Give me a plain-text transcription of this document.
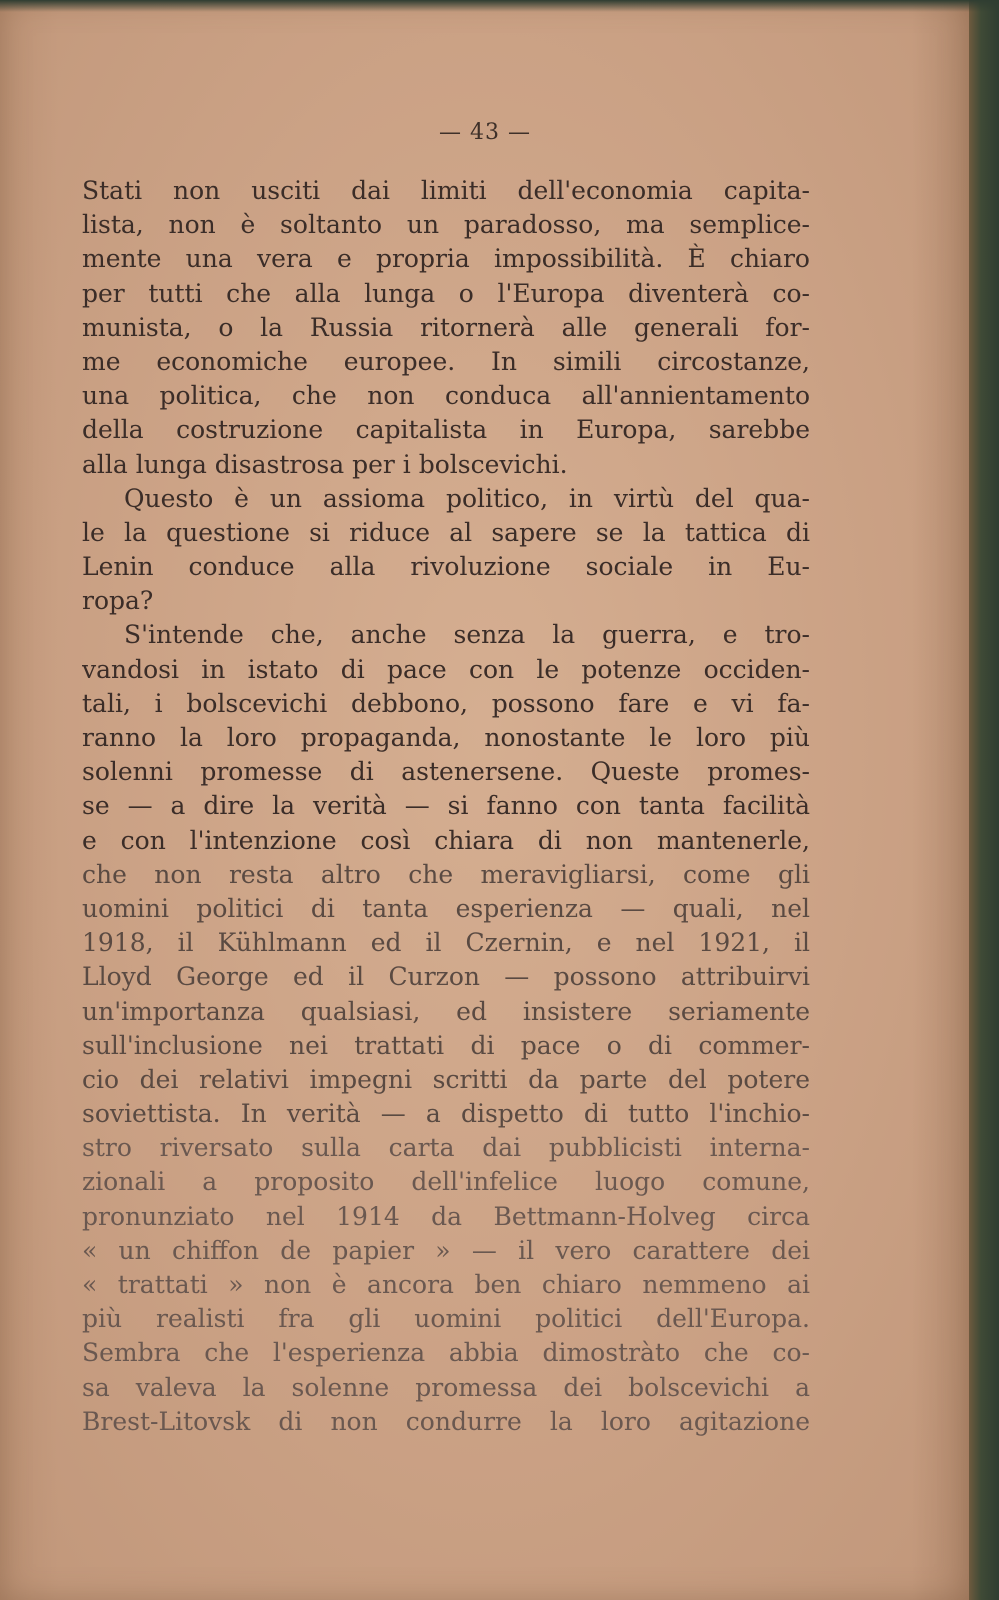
— 43 —
Stati non usciti dai limiti dell'economia capita-
lista, non è soltanto un paradosso, ma semplice-
mente una vera e propria impossibilità. È chiaro
per tutti che alla lunga o l'Europa diventerà co-
munista, o la Russia ritornerà alle generali for-
me economiche europee. In simili circostanze,
una politica, che non conduca all'annientamento
della costruzione capitalista in Europa, sarebbe
alla lunga disastrosa per i bolscevichi.
Questo è un assioma politico, in virtù del qua-
le la questione si riduce al sapere se la tattica di
Lenin conduce alla rivoluzione sociale in Eu-
ropa?
S'intende che, anche senza la guerra, e tro-
vandosi in istato di pace con le potenze occiden-
tali, i bolscevichi debbono, possono fare e vi fa-
ranno la loro propaganda, nonostante le loro più
solenni promesse di astenersene. Queste promes-
se — a dire la verità — si fanno con tanta facilità
e con l'intenzione così chiara di non mantenerle,
che non resta altro che meravigliarsi, come gli
uomini politici di tanta esperienza — quali, nel
1918, il Kühlmann ed il Czernin, e nel 1921, il
Lloyd George ed il Curzon — possono attribuirvi
un'importanza qualsiasi, ed insistere seriamente
sull'inclusione nei trattati di pace o di commer-
cio dei relativi impegni scritti da parte del potere
soviettista. In verità — a dispetto di tutto l'inchio-
stro riversato sulla carta dai pubblicisti interna-
zionali a proposito dell'infelice luogo comune,
pronunziato nel 1914 da Bettmann-Holveg circa
« un chiffon de papier » — il vero carattere dei
« trattati » non è ancora ben chiaro nemmeno ai
più realisti fra gli uomini politici dell'Europa.
Sembra che l'esperienza abbia dimostràto che co-
sa valeva la solenne promessa dei bolscevichi a
Brest-Litovsk di non condurre la loro agitazione
